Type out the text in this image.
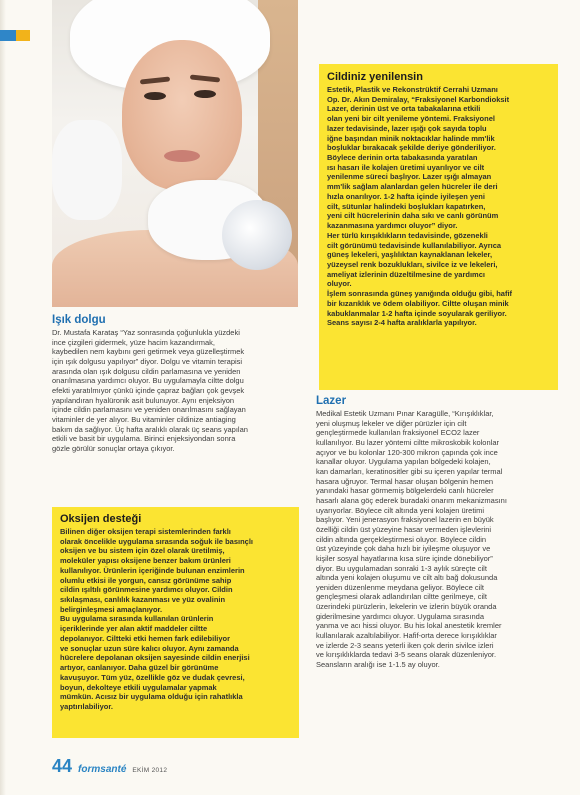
Cildiniz yenilensin
Estetik, Plastik ve Rekonstrüktif Cerrahi Uzmanı
Op. Dr. Akın Demiralay, “Fraksiyonel Karbondioksit
Lazer, derinin üst ve orta tabakalarına etkili
olan yeni bir cilt yenileme yöntemi. Fraksiyonel
lazer tedavisinde, lazer ışığı çok sayıda toplu
iğne başından minik noktacıklar halinde mm'lik
boşluklar bırakacak şekilde deriye gönderiliyor.
Böylece derinin orta tabakasında yaratılan
ısı hasarı ile kolajen üretimi uyarılıyor ve cilt
yenilenme süreci başlıyor. Lazer ışığı almayan
mm'lik sağlam alanlardan gelen hücreler ile deri
hızla onarılıyor. 1-2 hafta içinde iyileşen yeni
cilt, sütunlar halindeki boşlukları kapatırken,
yeni cilt hücrelerinin daha sıkı ve canlı görünüm
kazanmasına yardımcı oluyor” diyor.
Her türlü kırışıklıkların tedavisinde, gözenekli
cilt görünümü tedavisinde kullanılabiliyor. Ayrıca
güneş lekeleri, yaşlılıktan kaynaklanan lekeler,
yüzeysel renk bozuklukları, sivilce iz ve lekeleri,
ameliyat izlerinin düzeltilmesine de yardımcı
oluyor.
İşlem sonrasında güneş yanığında olduğu gibi, hafif
bir kızarıklık ve ödem olabiliyor. Ciltte oluşan minik
kabuklanmalar 1-2 hafta içinde soyularak geriliyor.
Seans sayısı 2-4 hafta aralıklarla yapılıyor.
Işık dolgu
Dr. Mustafa Karataş “Yaz sonrasında çoğunlukla yüzdeki
ince çizgileri gidermek, yüze hacim kazandırmak,
kaybedilen nem kaybını geri getirmek veya güzelleştirmek
için ışık dolgusu yapılıyor” diyor. Dolgu ve vitamin terapisi
arasında olan ışık dolgusu cildin parlamasına ve yeniden
onarılmasına yardımcı oluyor. Bu uygulamayla ciltte dolgu
efekti yaratılmıyor çünkü içinde çapraz bağları çok gevşek
yapılandıran hyalüronik asit bulunuyor. Aynı enjeksiyon
içinde cildin parlamasını ve yeniden onarılmasını sağlayan
vitaminler de yer alıyor. Bu vitaminler cildinize antiaging
bakım da sağlıyor. Üç hafta aralıklı olarak üç seans yapılan
etkili ve basit bir uygulama. Birinci enjeksiyondan sonra
gözle görülür sonuçlar ortaya çıkıyor.
Oksijen desteği
Bilinen diğer oksijen terapi sistemlerinden farklı
olarak öncelikle uygulama sırasında soğuk ile basınçlı
oksijen ve bu sistem için özel olarak üretilmiş,
moleküler yapısı oksijene benzer bakım ürünleri
kullanılıyor. Ürünlerin içeriğinde bulunan enzimlerin
olumlu etkisi ile yorgun, cansız görünüme sahip
cildin ışıltılı görünmesine yardımcı oluyor. Cildin
sıkılaşması, canlılık kazanması ve yüz ovalinin
belirginleşmesi amaçlanıyor.
Bu uygulama sırasında kullanılan ürünlerin
içeriklerinde yer alan aktif maddeler ciltte
depolanıyor. Ciltteki etki hemen fark edilebiliyor
ve sonuçlar uzun süre kalıcı oluyor. Aynı zamanda
hücrelere depolanan oksijen sayesinde cildin enerjisi
artıyor, canlanıyor. Daha güzel bir görünüme
kavuşuyor. Tüm yüz, özellikle göz ve dudak çevresi,
boyun, dekolteye etkili uygulamalar yapmak
mümkün. Acısız bir uygulama olduğu için rahatlıkla
yaptırılabiliyor.
Lazer
Medikal Estetik Uzmanı Pınar Karagülle, “Kırışıklıklar,
yeni oluşmuş lekeler ve diğer pürüzler için cilt
gençleştirmede kullanılan fraksiyonel ECO2 lazer
kullanılıyor. Bu lazer yöntemi ciltte mikroskobik kolonlar
açıyor ve bu kolonlar 120-300 mikron çapında çok ince
kanallar oluyor. Uygulama yapılan bölgedeki kolajen,
kan damarları, keratinositler gibi su içeren yapılar termal
hasara uğruyor. Termal hasar oluşan bölgenin hemen
yanındaki hasar görmemiş bölgelerdeki canlı hücreler
hasarlı alana göç ederek buradaki onarım mekanizmasını
uyarıyorlar. Böylece cilt altında yeni kolajen üretimi
başlıyor. Yeni jenerasyon fraksiyonel lazerin en büyük
özelliği cildin üst yüzeyine hasar vermeden işlevlerini
cildin altında gerçekleştirmesi oluyor. Böylece cildin
üst yüzeyinde çok daha hızlı bir iyileşme oluşuyor ve
kişiler sosyal hayatlarına kısa süre içinde dönebiliyor”
diyor. Bu uygulamadan sonraki 1-3 aylık süreçte cilt
altında yeni kolajen oluşumu ve cilt altı bağ dokusunda
yeniden düzenlenme meydana geliyor. Böylece cilt
gençleşmesi olarak adlandırılan ciltte gerilmeye, cilt
üzerindeki pürüzlerin, lekelerin ve izlerin büyük oranda
giderilmesine yardımcı oluyor. Uygulama sırasında
yanma ve acı hissi oluyor. Bu his lokal anestetik kremler
kullanılarak azaltılabiliyor. Hafif-orta derece kırışıklıklar
ve izlerde 2-3 seans yeterli iken çok derin sivilce izleri
ve kırışıklıklarda tedavi 3-5 seans olarak düzenleniyor.
Seansların aralığı ise 1-1.5 ay oluyor.
44 formsanté EKİM 2012
